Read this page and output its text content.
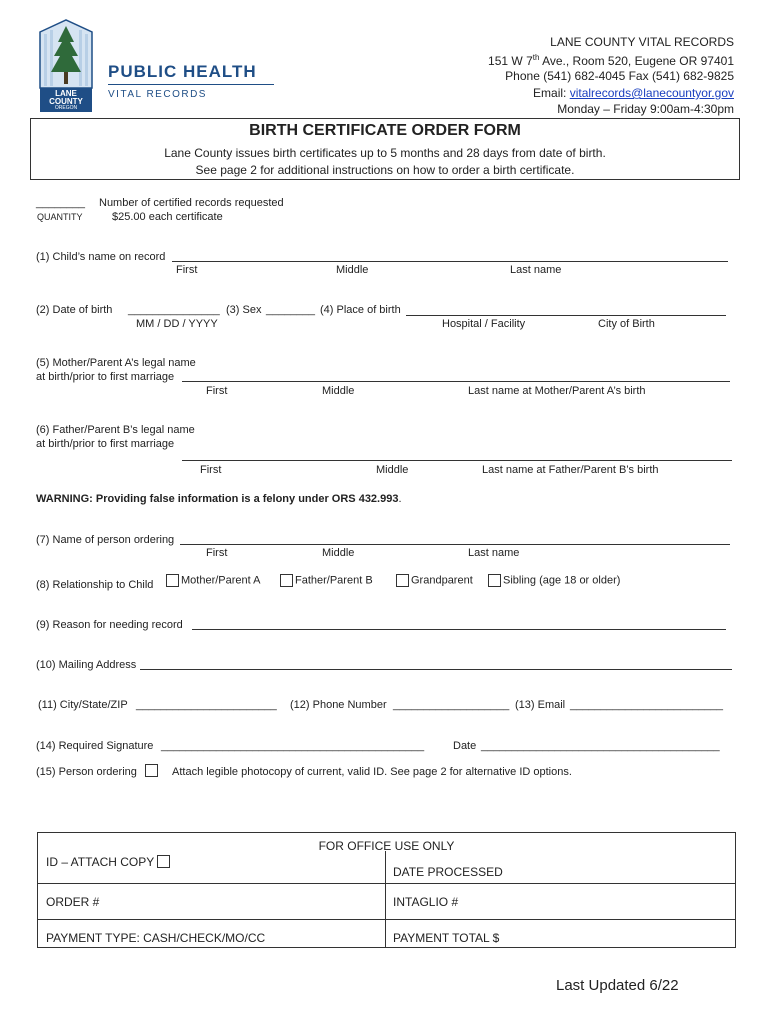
LANE
COUNTY
OREGON
PUBLIC HEALTH
VITAL RECORDS
LANE COUNTY VITAL RECORDS
151 W 7th Ave., Room 520, Eugene OR 97401
Phone (541) 682-4045 Fax (541) 682-9825
Email: vitalrecords@lanecountyor.gov
Monday – Friday 9:00am-4:30pm
BIRTH CERTIFICATE ORDER FORM
Lane County issues birth certificates up to 5 months and 28 days from date of birth.
See page 2 for additional instructions on how to order a birth certificate.
________
QUANTITY
Number of certified records requested
$25.00 each certificate
(1) Child’s name on record
First	Middle	Last name
(2) Date of birth _______________ (3) Sex ________ (4) Place of birth
MM / DD / YYYY	Hospital / Facility	City of Birth
(5) Mother/Parent A’s legal name
at birth/prior to first marriage
First	Middle	Last name at Mother/Parent A’s birth
(6) Father/Parent B’s legal name
at birth/prior to first marriage
First	Middle	Last name at Father/Parent B’s birth
WARNING: Providing false information is a felony under ORS 432.993.
(7) Name of person ordering
First	Middle	Last name
(8) Relationship to Child	Mother/Parent A	Father/Parent B	Grandparent	Sibling (age 18 or older)
(9) Reason for needing record
(10) Mailing Address
(11) City/State/ZIP _______________________ (12) Phone Number ___________________ (13) Email _________________________
(14) Required Signature ___________________________________________	Date _______________________________________
(15) Person ordering	Attach legible photocopy of current, valid ID. See page 2 for alternative ID options.
FOR OFFICE USE ONLY
ID – ATTACH COPY
DATE PROCESSED
ORDER #	INTAGLIO #
PAYMENT TYPE: CASH/CHECK/MO/CC	PAYMENT TOTAL $
Last Updated 6/22
